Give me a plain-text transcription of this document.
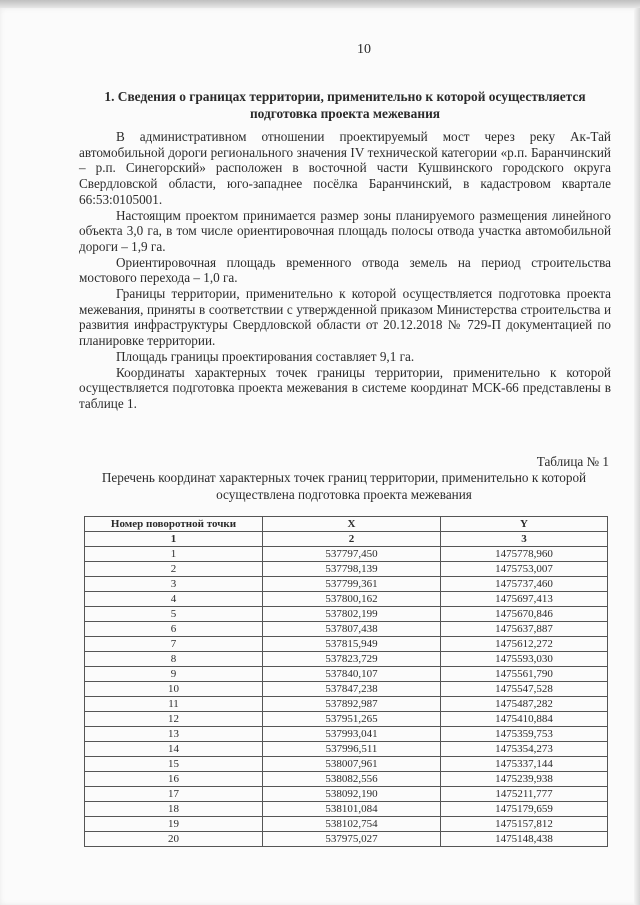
10
1. Сведения о границах территории, применительно к которой осуществляется подготовка проекта межевания

В административном отношении проектируемый мост через реку Ак-Тай автомобильной дороги регионального значения IV технической категории «р.п. Баранчинский – р.п. Синегорский» расположен в восточной части Кушвинского городского округа Свердловской области, юго-западнее посёлка Баранчинский, в кадастровом квартале 66:53:0105001.

Настоящим проектом принимается размер зоны планируемого размещения линейного объекта 3,0 га, в том числе ориентировочная площадь полосы отвода участка автомобильной дороги – 1,9 га.

Ориентировочная площадь временного отвода земель на период строительства мостового перехода – 1,0 га.

Границы территории, применительно к которой осуществляется подготовка проекта межевания, приняты в соответствии с утвержденной приказом Министерства строительства и развития инфраструктуры Свердловской области от 20.12.2018 № 729-П документацией по планировке территории.

Площадь границы проектирования составляет 9,1 га.

Координаты характерных точек границы территории, применительно к которой осуществляется подготовка проекта межевания в системе координат МСК-66 представлены в таблице 1.

Таблица № 1
Перечень координат характерных точек границ территории, применительно к которой осуществлена подготовка проекта межевания
Номер поворотной точки	X	Y
1	2	3
1	537797,450	1475778,960
2	537798,139	1475753,007
3	537799,361	1475737,460
4	537800,162	1475697,413
5	537802,199	1475670,846
6	537807,438	1475637,887
7	537815,949	1475612,272
8	537823,729	1475593,030
9	537840,107	1475561,790
10	537847,238	1475547,528
11	537892,987	1475487,282
12	537951,265	1475410,884
13	537993,041	1475359,753
14	537996,511	1475354,273
15	538007,961	1475337,144
16	538082,556	1475239,938
17	538092,190	1475211,777
18	538101,084	1475179,659
19	538102,754	1475157,812
20	537975,027	1475148,438
